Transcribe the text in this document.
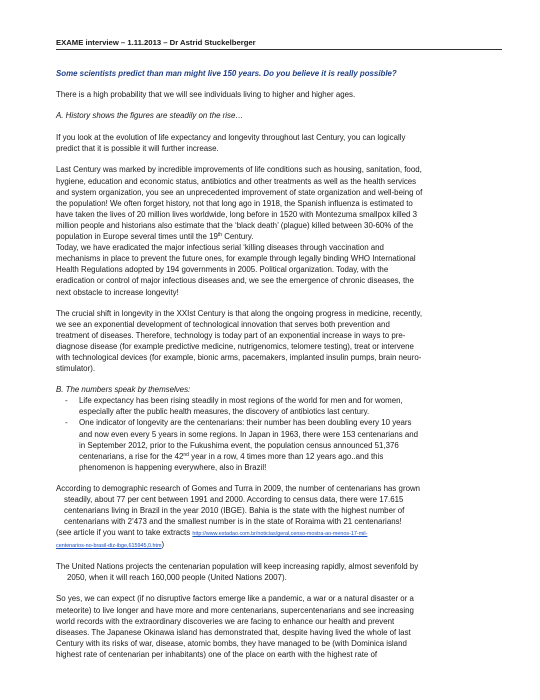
EXAME interview – 1.11.2013 – Dr Astrid Stuckelberger

Some scientists predict than man might live 150 years. Do you believe it is really possible?

There is a high probability that we will see individuals living to higher and higher ages.

A. History shows the figures are steadily on the rise…

If you look at the evolution of life expectancy and longevity throughout last Century, you can logically
predict that it is possible it will further increase.
Last Century was marked by incredible improvements of life conditions such as housing, sanitation, food,
hygiene, education and economic status, antibiotics and other treatments as well as the health services
and system organization, you see an unprecedented improvement of state organization and well-being of
the population! We often forget history, not that long ago in 1918, the Spanish influenza is estimated to
have taken the lives of 20 million lives worldwide, long before in 1520 with Montezuma smallpox killed 3
million people and historians also estimate that the ‘black death’ (plague) killed between 30-60% of the
population in Europe several times until the 19th Century.
Today, we have eradicated the major infectious serial ‘killing diseases through vaccination and
mechanisms in place to prevent the future ones, for example through legally binding WHO International
Health Regulations adopted by 194 governments in 2005. Political organization. Today, with the
eradication or control of major infectious diseases and, we see the emergence of chronic diseases, the
next obstacle to increase longevity!
The crucial shift in longevity in the XXIst Century is that along the ongoing progress in medicine, recently,
we see an exponential development of technological innovation that serves both prevention and
treatment of diseases. Therefore, technology is today part of an exponential increase in ways to pre-
diagnose disease (for example predictive medicine, nutrigenomics, telomere testing), treat or intervene
with technological devices (for example, bionic arms, pacemakers, implanted insulin pumps, brain neuro-
stimulator).

B. The numbers speak by themselves:

- Life expectancy has been rising steadily in most regions of the world for men and for women,
especially after the public health measures, the discovery of antibiotics last century.
- One indicator of longevity are the centenarians: their number has been doubling every 10 years
and now even every 5 years in some regions. In Japan in 1963, there were 153 centenarians and
in September 2012, prior to the Fukushima event, the population census announced 51,376
centenarians, a rise for the 42nd year in a row, 4 times more than 12 years ago..and this
phenomenon is happening everywhere, also in Brazil!
According to demographic research of Gomes and Turra in 2009, the number of centenarians has grown
steadily, about 77 per cent between 1991 and 2000. According to census data, there were 17.615
centenarians living in Brazil in the year 2010 (IBGE). Bahia is the state with the highest number of
centenarians with 2’473 and the smallest number is in the state of Roraima with 21 centenarians!
(see article if you want to take extracts http://www.estadao.com.br/noticias/geral,censo-mostra-ao-menos-17-mil-
centenarios-no-brasil-diz-ibge,615945,0.htm)
The United Nations projects the centenarian population will keep increasing rapidly, almost sevenfold by
2050, when it will reach 160,000 people (United Nations 2007).
So yes, we can expect (if no disruptive factors emerge like a pandemic, a war or a natural disaster or a
meteorite) to live longer and have more and more centenarians, supercentenarians and see increasing
world records with the extraordinary discoveries we are facing to enhance our health and prevent
diseases. The Japanese Okinawa island has demonstrated that, despite having lived the whole of last
Century with its risks of war, disease, atomic bombs, they have managed to be (with Dominica island
highest rate of centenarian per inhabitants) one of the place on earth with the highest rate of
